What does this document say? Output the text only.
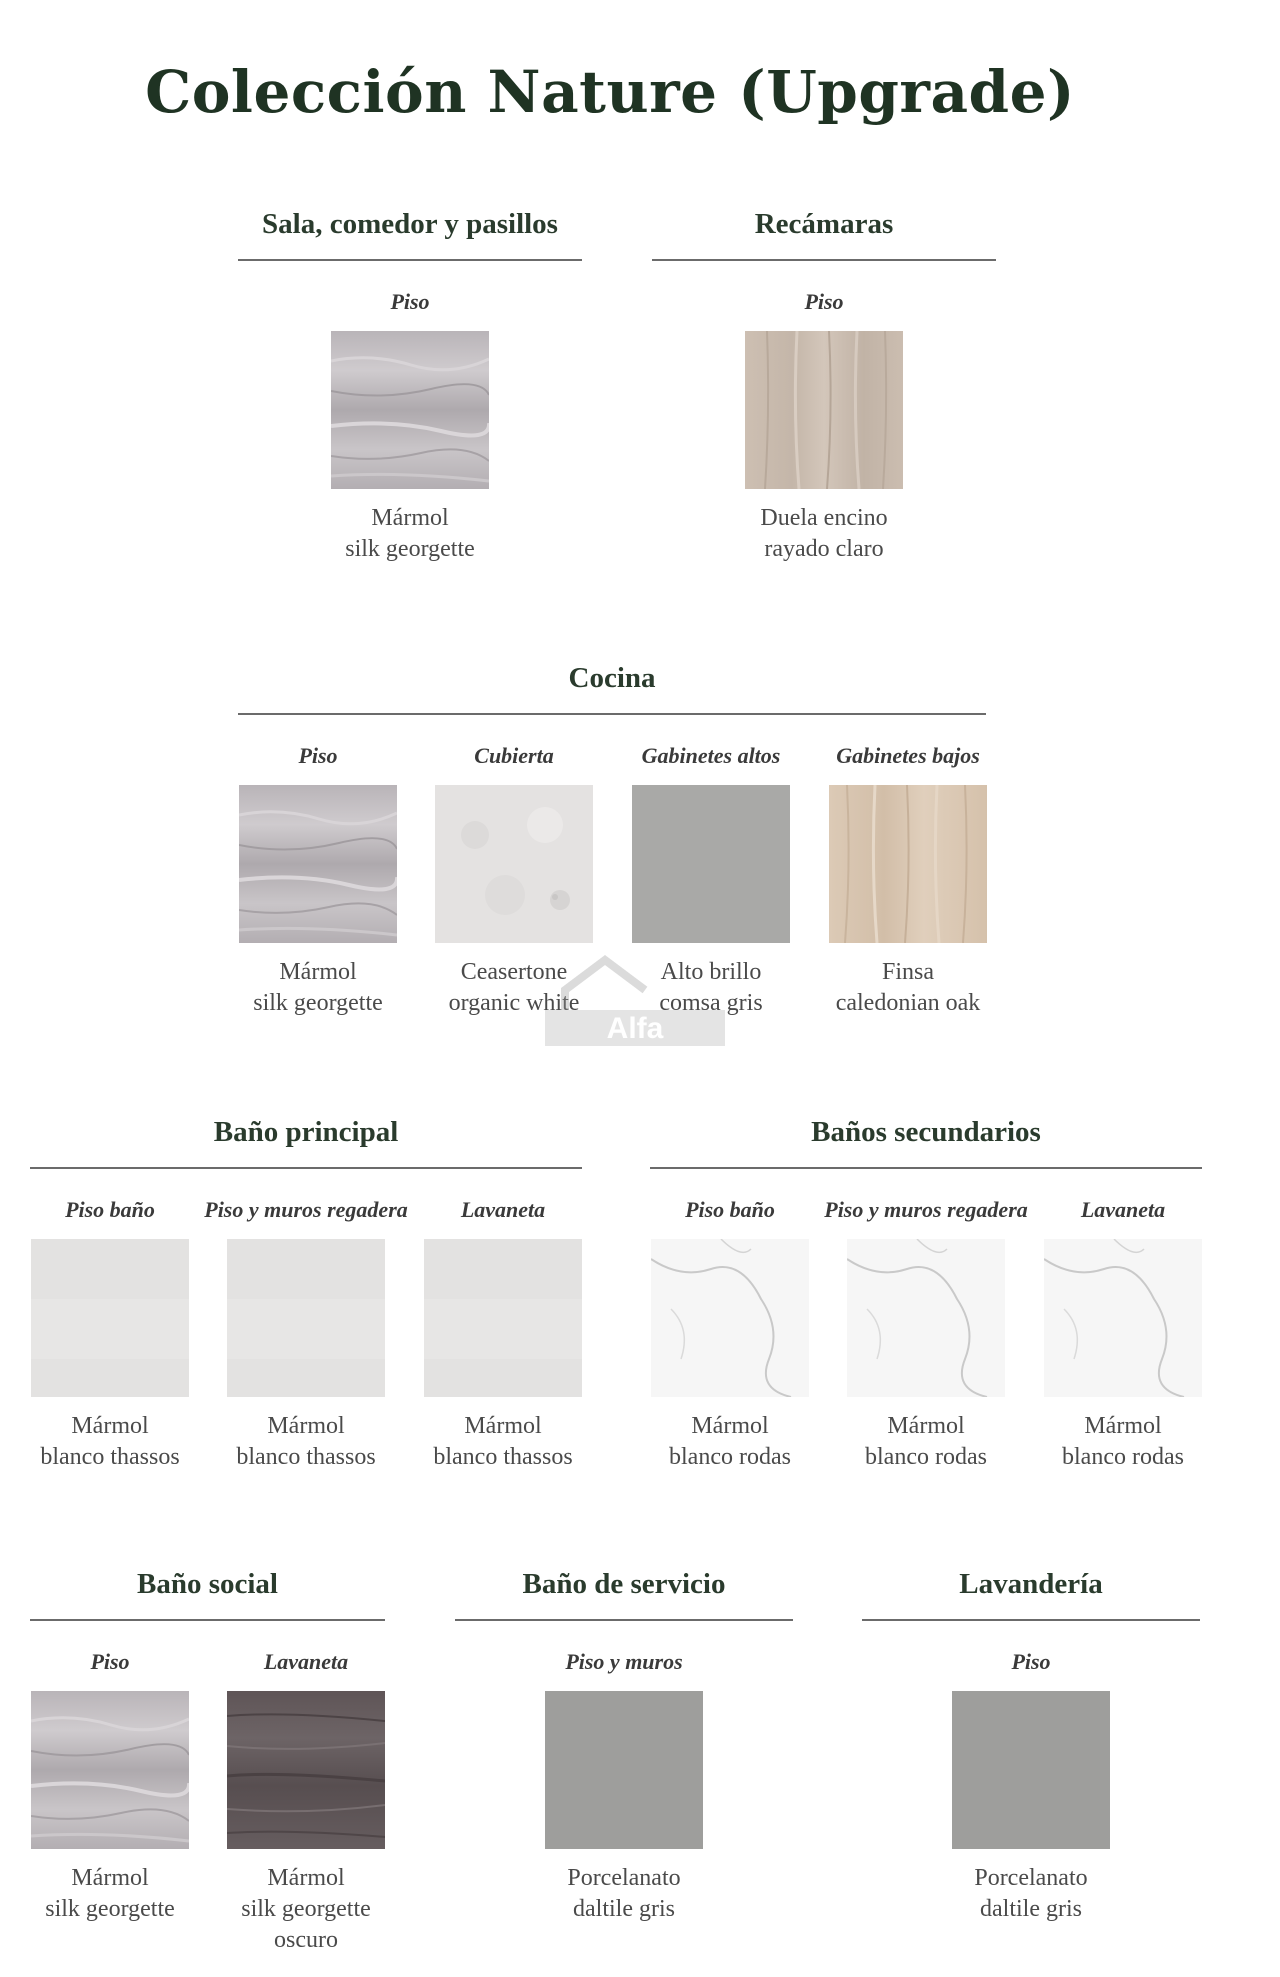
Colección Nature (Upgrade)
Sala, comedor y pasillos
Piso
Mármol
silk georgette
Recámaras
Piso
Duela encino
rayado claro
Cocina
Piso
Mármol
silk georgette
Cubierta
Ceasertone
organic white
Gabinetes altos
Alto brillo
comsa gris
Gabinetes bajos
Finsa
caledonian oak
Baño principal
Piso baño
Mármol
blanco thassos
Piso y muros regadera
Mármol
blanco thassos
Lavaneta
Mármol
blanco thassos
Baños secundarios
Piso baño
Mármol
blanco rodas
Piso y muros regadera
Mármol
blanco rodas
Lavaneta
Mármol
blanco rodas
Baño social
Piso
Mármol
silk georgette
Lavaneta
Mármol
silk georgette
oscuro
Baño de servicio
Piso y muros
Porcelanato
daltile gris
Lavandería
Piso
Porcelanato
daltile gris
Alfa
